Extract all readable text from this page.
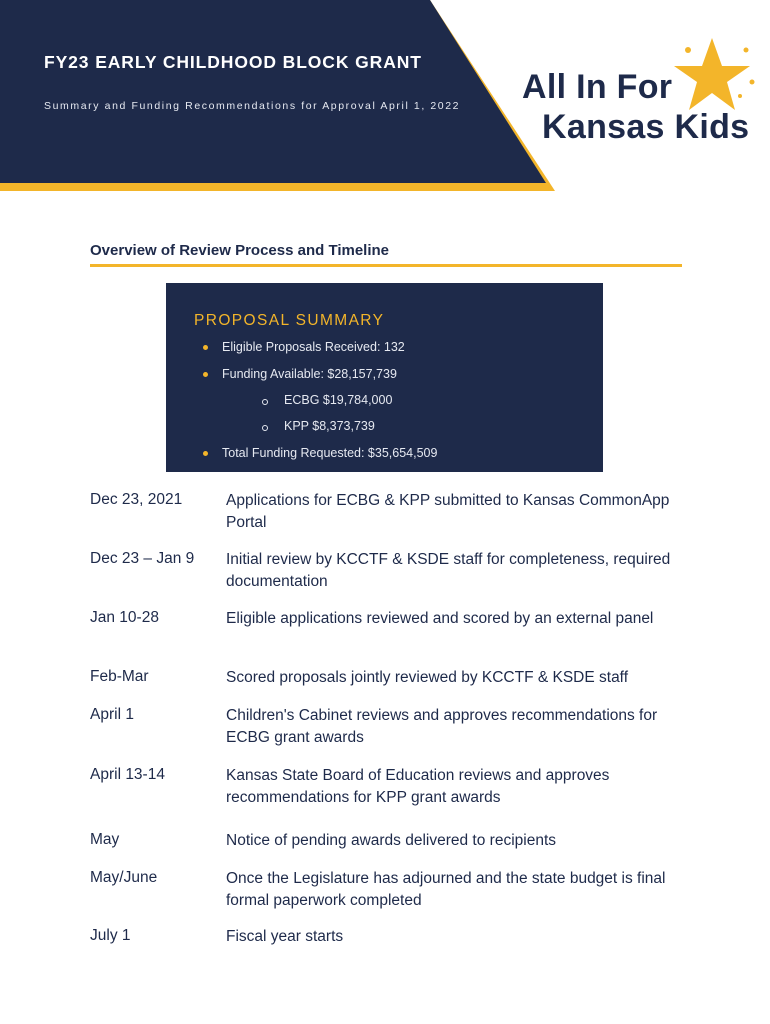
FY23 EARLY CHILDHOOD BLOCK GRANT
Summary and Funding Recommendations for Approval April 1, 2022 All In For
Kansas Kids
Overview of Review Process and Timeline
PROPOSAL SUMMARY
Eligible Proposals Received: 132
Funding Available: $28,157,739
ECBG $19,784,000
KPP $8,373,739
Total Funding Requested: $35,654,509
Dec 23, 2021	Applications for ECBG & KPP submitted to Kansas CommonApp Portal
Dec 23 – Jan 9 Initial review by KCCTF & KSDE staff for completeness, required documentation
Jan 10-28	Eligible applications reviewed and scored by an external panel
Feb-Mar	Scored proposals jointly reviewed by KCCTF & KSDE staff
April 1	Children's Cabinet reviews and approves recommendations for ECBG grant awards
April 13-14	Kansas State Board of Education reviews and approves recommendations for KPP grant awards
May	Notice of pending awards delivered to recipients
May/June	Once the Legislature has adjourned and the state budget is final formal paperwork completed
July 1	Fiscal year starts
